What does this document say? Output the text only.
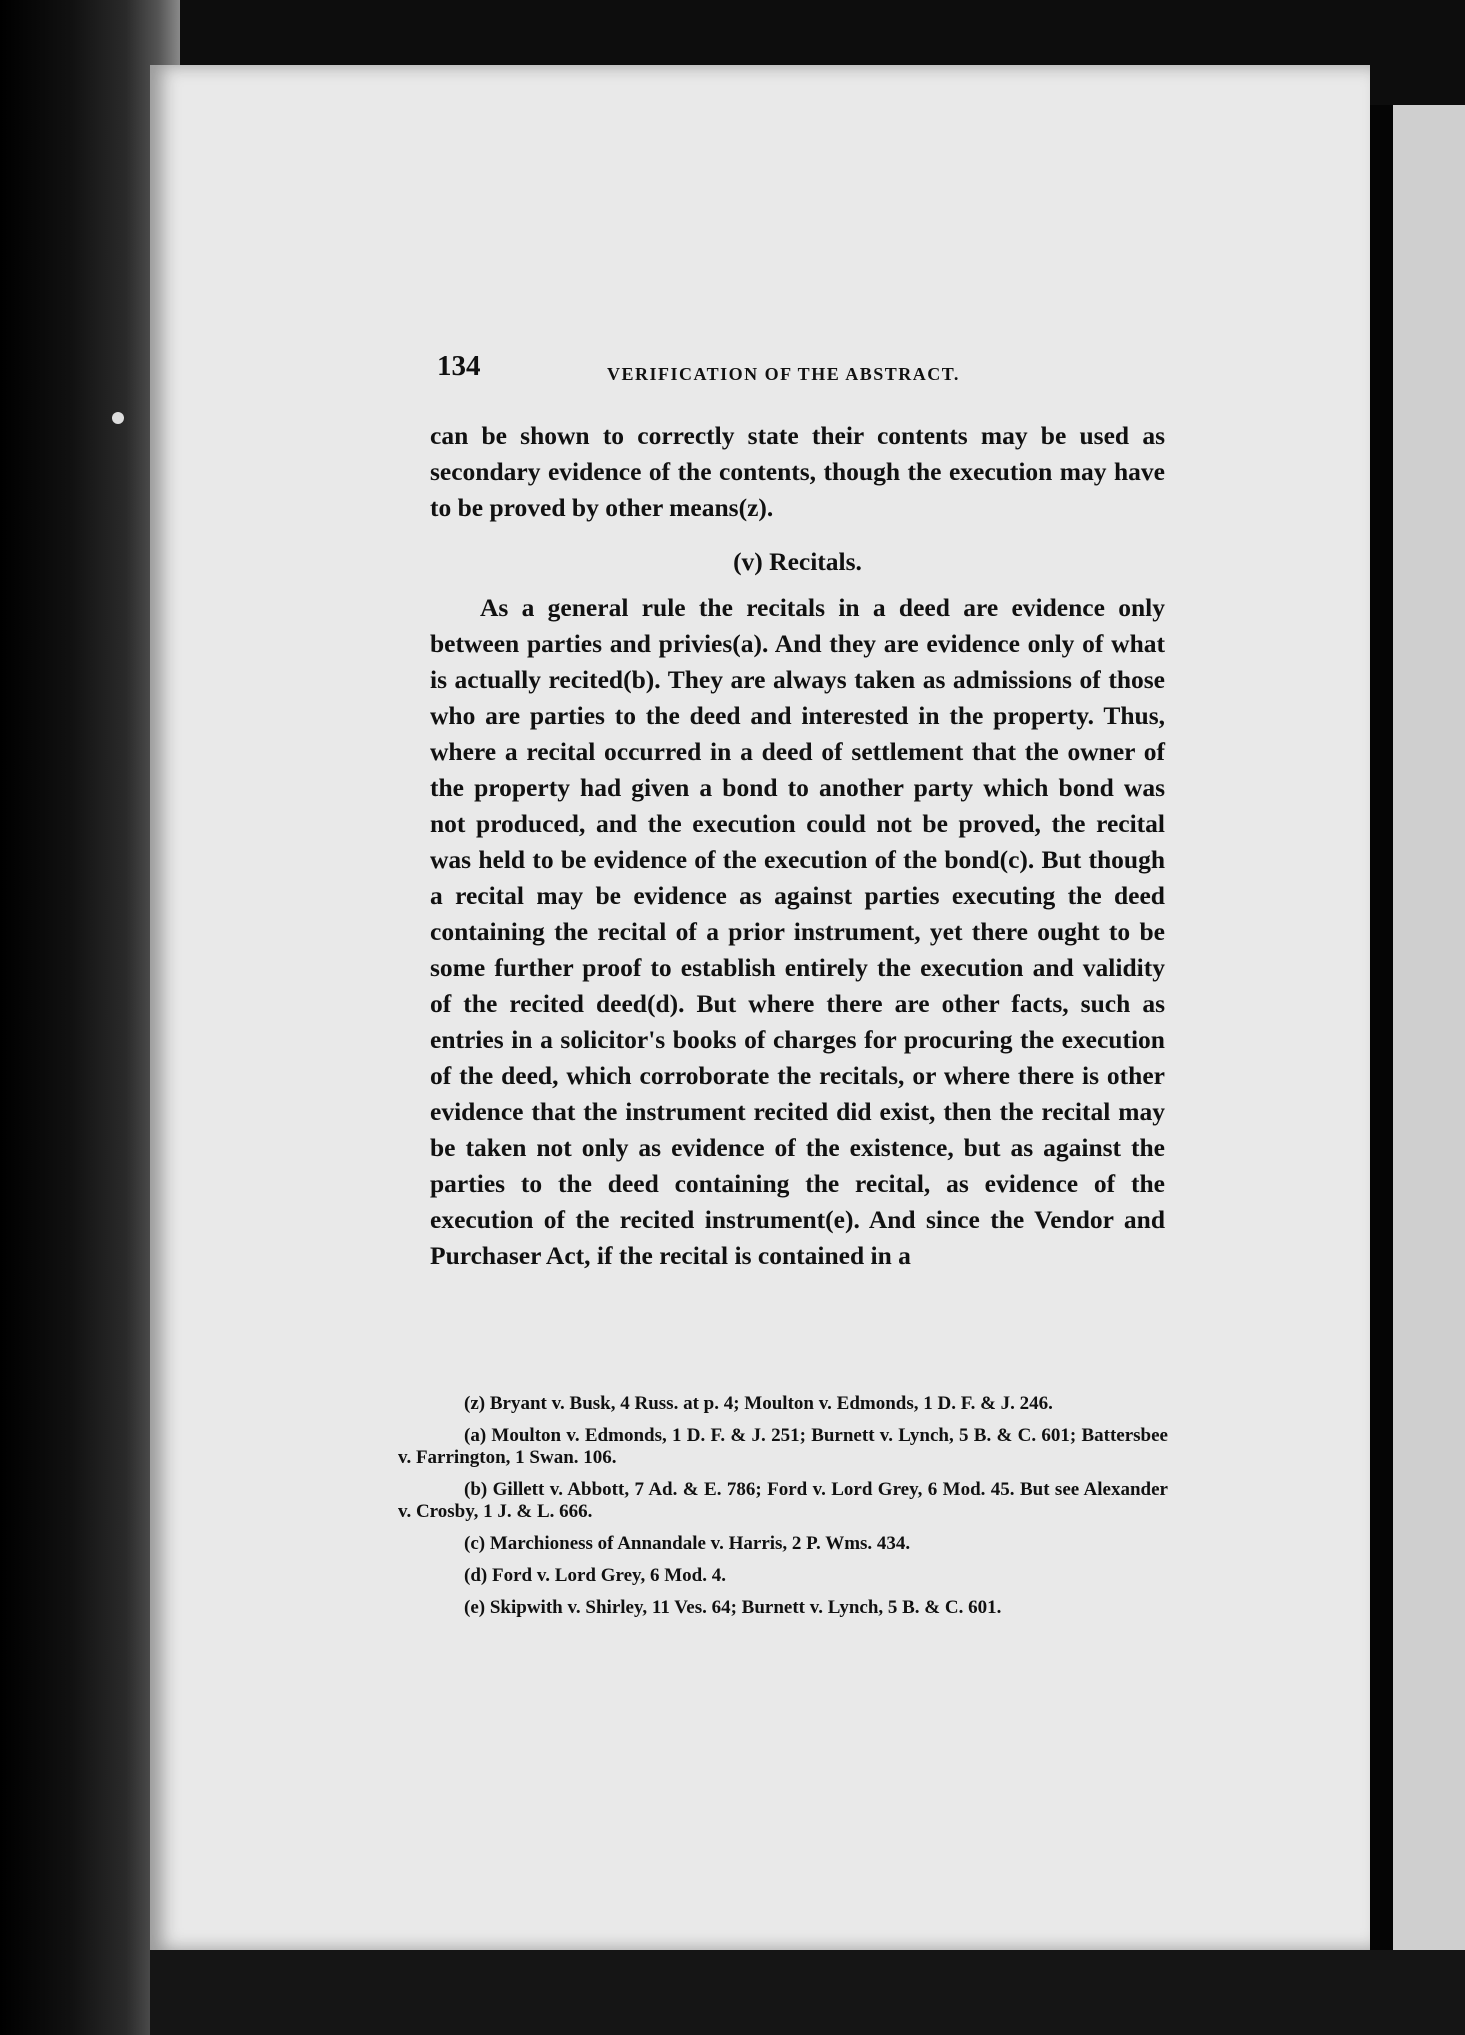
134	VERIFICATION OF THE ABSTRACT.

can be shown to correctly state their contents may be used as secondary evidence of the contents, though the execution may have to be proved by other means(z).

(v) Recitals.

As a general rule the recitals in a deed are evidence only between parties and privies(a). And they are evidence only of what is actually recited(b). They are always taken as admissions of those who are parties to the deed and interested in the property. Thus, where a recital occurred in a deed of settlement that the owner of the property had given a bond to another party which bond was not produced, and the execution could not be proved, the recital was held to be evidence of the execution of the bond(c). But though a recital may be evidence as against parties executing the deed containing the recital of a prior instrument, yet there ought to be some further proof to establish entirely the execution and validity of the recited deed(d). But where there are other facts, such as entries in a solicitor's books of charges for procuring the execution of the deed, which corroborate the recitals, or where there is other evidence that the instrument recited did exist, then the recital may be taken not only as evidence of the existence, but as against the parties to the deed containing the recital, as evidence of the execution of the recited instrument(e). And since the Vendor and Purchaser Act, if the recital is contained in a

(z) Bryant v. Busk, 4 Russ. at p. 4; Moulton v. Edmonds, 1 D. F. & J. 246.

(a) Moulton v. Edmonds, 1 D. F. & J. 251; Burnett v. Lynch, 5 B. & C. 601; Battersbee v. Farrington, 1 Swan. 106.

(b) Gillett v. Abbott, 7 Ad. & E. 786; Ford v. Lord Grey, 6 Mod. 45. But see Alexander v. Crosby, 1 J. & L. 666.

(c) Marchioness of Annandale v. Harris, 2 P. Wms. 434.

(d) Ford v. Lord Grey, 6 Mod. 4.

(e) Skipwith v. Shirley, 11 Ves. 64; Burnett v. Lynch, 5 B. & C. 601.
